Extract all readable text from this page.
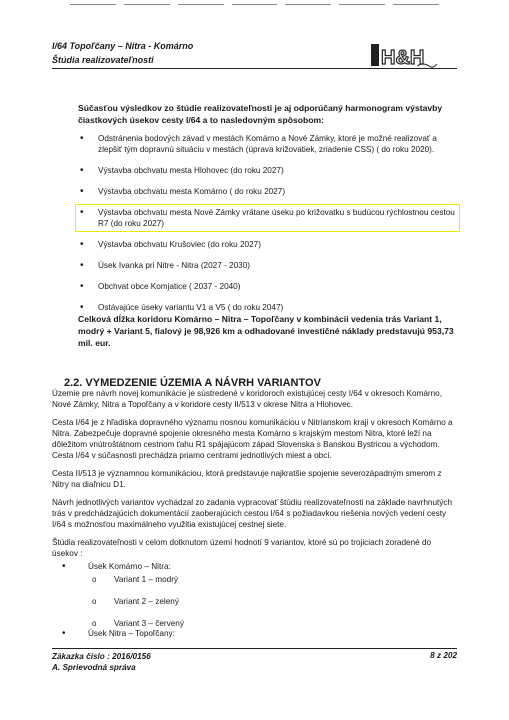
I/64 Topoľčany – Nitra - Komárno
Štúdia realizovateľnosti	H&H
Súčasťou výsledkov zo štúdie realizovateľnosti je aj odporúčaný harmonogram výstavby čiastkových úsekov cesty I/64 a to nasledovným spôsobom:
• Odstránenia bodových závad v mestách Komárno a Nové Zámky, ktoré je možné realizovať a zlepšiť tým dopravnú situáciu v mestách (úprava križovatiek, zriadenie CSS) ( do roku 2020).
• Výstavba obchvatu mesta Hlohovec (do roku 2027)
• Výstavba obchvatu mesta Komárno ( do roku 2027)
• Výstavba obchvatu mesta Nové Zámky vrátane úseku po križovatku s budúcou rýchlostnou cestou R7 (do roku 2027)
• Výstavba obchvatu Krušoviec (do roku 2027)
• Úsek Ivanka pri Nitre - Nitra (2027 - 2030)
• Obchvat obce Komjatice ( 2037 - 2040)
• Ostávajúce úseky variantu V1 a V5 ( do roku 2047)
Celková dĺžka koridoru Komárno – Nitra – Topoľčany v kombinácii vedenia trás Variant 1, modrý + Variant 5, fialový je 98,926 km a odhadované investičné náklady predstavujú 953,73 mil. eur.
2.2. VYMEDZENIE ÚZEMIA A NÁVRH VARIANTOV
Územie pre návrh novej komunikácie je sústredené v koridoroch existujúcej cesty I/64 v okresoch Komárno, Nové Zámky, Nitra a Topoľčany a v koridore cesty II/513 v okrese Nitra a Hlohovec.
Cesta I/64 je z hľadiska dopravného významu nosnou komunikáciou v Nitrianskom kraji v okresoch Komárno a Nitra. Zabezpečuje dopravné spojenie okresného mesta Komárno s krajským mestom Nitra, ktoré leží na dôležitom vnútroštátnom cestnom ťahu R1 spájajúcom západ Slovenska s Banskou Bystricou a východom. Cesta I/64 v súčasnosti prechádza priamo centrami jednotlivých miest a obcí.
Cesta II/513 je významnou komunikáciou, ktorá predstavuje najkratšie spojenie severozápadným smerom z Nitry na diaľnicu D1.
Návrh jednotlivých variantov vychádzal zo zadania vypracovať štúdiu realizovateľnosti na základe navrhnutých trás v predchádzajúcich dokumentácií zaoberajúcich cestou I/64 s požiadavkou riešenia nových vedení cesty I/64 s možnosťou maximálneho využitia existujúcej cestnej siete.
Štúdia realizovateľnosti v celom dotknutom území hodnotí 9 variantov, ktoré sú po trojiciach zoradené do úsekov :
• Úsek Komárno – Nitra:
o Variant 1 – modrý
o Variant 2 – zelený
o Variant 3 – červený
• Úsek Nitra – Topoľčany:
Zákazka číslo : 2016/0156
A. Sprievodná správa
8 z 202
